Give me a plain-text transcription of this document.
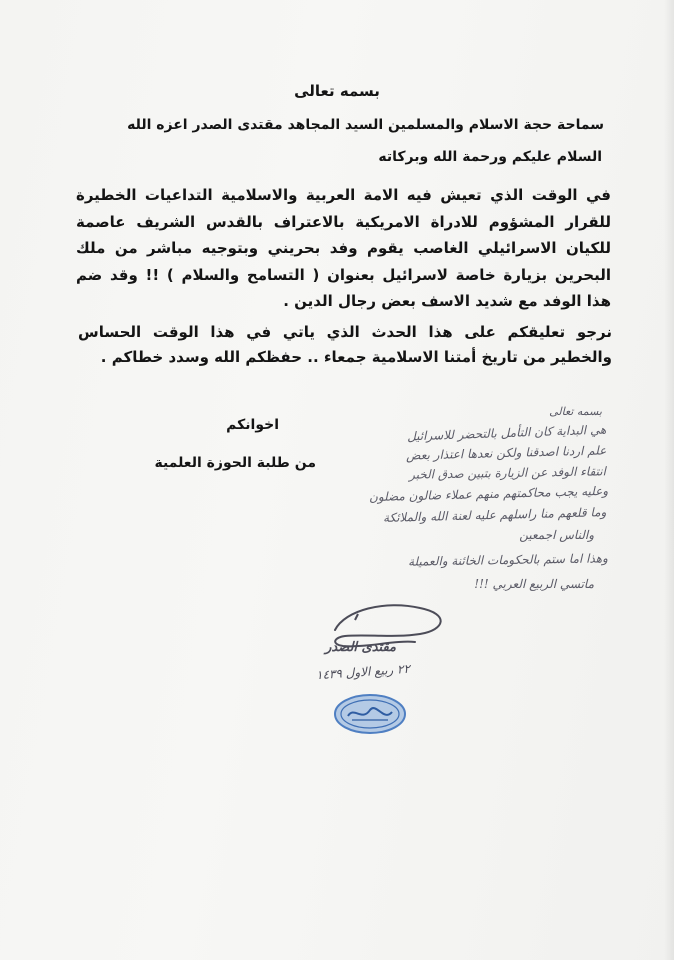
بسمه تعالى
سماحة حجة الاسلام والمسلمين السيد المجاهد مقتدى الصدر اعزه الله
السلام عليكم ورحمة الله وبركاته
في الوقت الذي تعيش فيه الامة العربية والاسلامية التداعيات الخطيرة للقرار المشؤوم للادراة الامريكية بالاعتراف بالقدس الشريف عاصمة للكيان الاسرائيلي الغاصب يقوم وفد بحريني وبتوجيه مباشر من ملك البحرين بزيارة خاصة لاسرائيل بعنوان ( التسامح والسلام ) !! وقد ضم هذا الوفد مع شديد الاسف بعض رجال الدين .
نرجو تعليقكم على هذا الحدث الذي ياتي في هذا الوقت الحساس والخطير من تاريخ أمتنا الاسلامية جمعاء .. حفظكم الله وسدد خطاكم .
اخوانكم
من طلبة الحوزة العلمية
بسمه تعالى
هي البداية كان التأمل بالتحضر للاسرائيل
علم اردنا اصدقنا ولكن نعدها اعتذار بعض
انتقاء الوفد عن الزيارة بتبين صدق الخبر
وعليه يجب محاكمتهم منهم عملاء ضالون مضلون
وما قلعهم منا راسلهم عليه لعنة الله والملائكة
والناس اجمعين
وهذا اما ستم بالحكومات الخائنة والعميلة
ماتسي الربيع العربي !!!
مقتدى الصدر
٢٢ ربيع الاول ١٤٣٩
